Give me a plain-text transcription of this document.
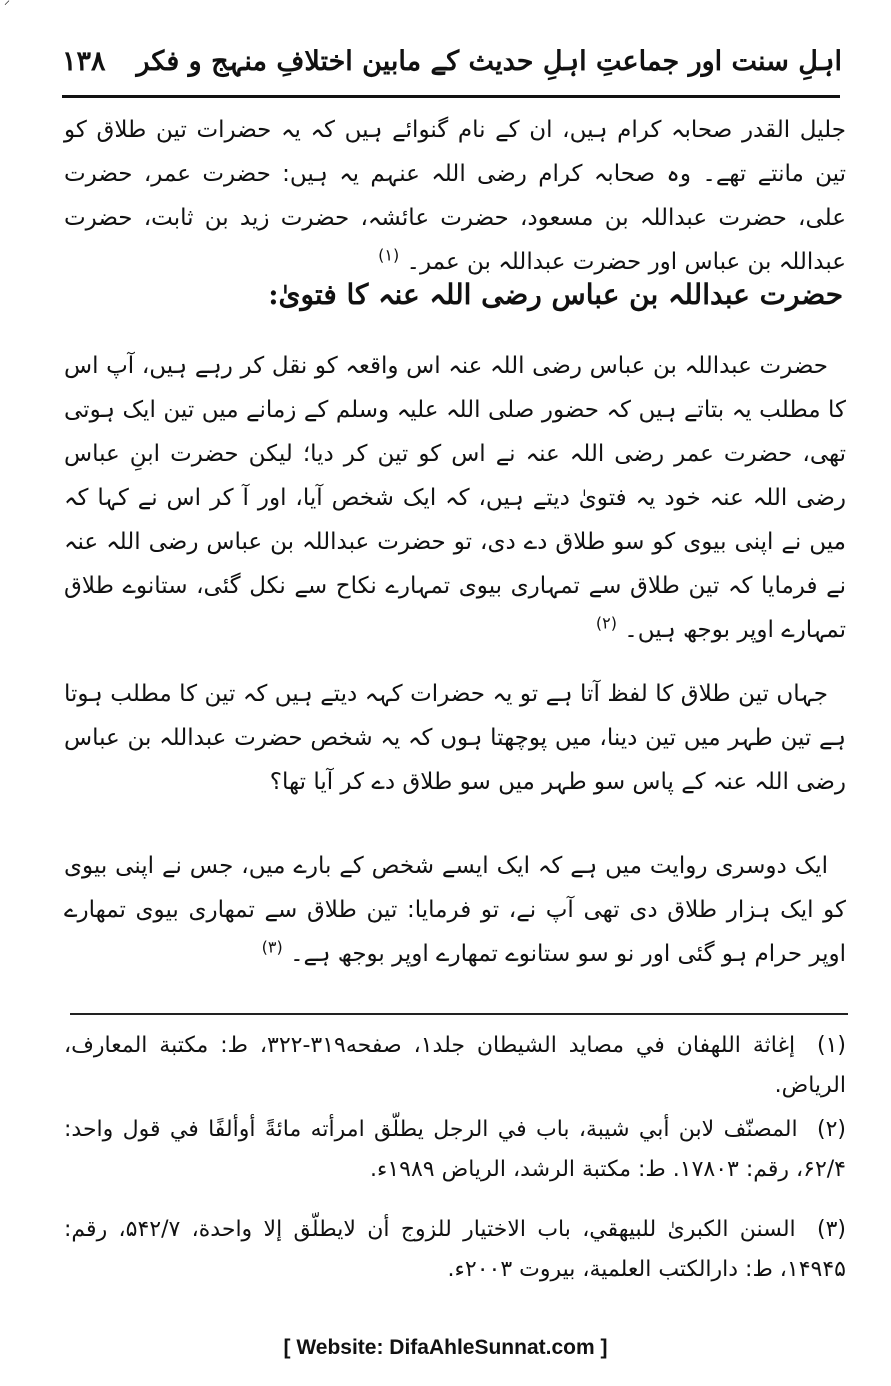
⸍
اہلِ سنت اور جماعتِ اہلِ حدیث کے مابین اختلافِ منہج و فکر
۱۳۸
جلیل القدر صحابہ کرام ہیں، ان کے نام گنوائے ہیں کہ یہ حضرات تین طلاق کو تین مانتے تھے۔ وہ صحابہ کرام رضی اللہ عنہم یہ ہیں: حضرت عمر، حضرت علی، حضرت عبداللہ بن مسعود، حضرت عائشہ، حضرت زید بن ثابت، حضرت عبداللہ بن عباس اور حضرت عبداللہ بن عمر۔ $^{(۱)}$
حضرت عبداللہ بن عباس رضی اللہ عنہ کا فتویٰ:
حضرت عبداللہ بن عباس رضی اللہ عنہ اس واقعہ کو نقل کر رہے ہیں، آپ اس کا مطلب یہ بتاتے ہیں کہ حضور صلی اللہ علیہ وسلم کے زمانے میں تین ایک ہوتی تھی، حضرت عمر رضی اللہ عنہ نے اس کو تین کر دیا؛ لیکن حضرت ابنِ عباس رضی اللہ عنہ خود یہ فتویٰ دیتے ہیں، کہ ایک شخص آیا، اور آ کر اس نے کہا کہ میں نے اپنی بیوی کو سو طلاق دے دی، تو حضرت عبداللہ بن عباس رضی اللہ عنہ نے فرمایا کہ تین طلاق سے تمہاری بیوی تمہارے نکاح سے نکل گئی، ستانوے طلاق تمہارے اوپر بوجھ ہیں۔ $^{(۲)}$
جہاں تین طلاق کا لفظ آتا ہے تو یہ حضرات کہہ دیتے ہیں کہ تین کا مطلب ہوتا ہے تین طہر میں تین دینا، میں پوچھتا ہوں کہ یہ شخص حضرت عبداللہ بن عباس رضی اللہ عنہ کے پاس سو طہر میں سو طلاق دے کر آیا تھا؟
ایک دوسری روایت میں ہے کہ ایک ایسے شخص کے بارے میں، جس نے اپنی بیوی کو ایک ہزار طلاق دی تھی آپ نے، تو فرمایا: تین طلاق سے تمھاری بیوی تمھارے اوپر حرام ہو گئی اور نو سو ستانوے تمھارے اوپر بوجھ ہے۔ $^{(۳)}$
(۱) إغاثة اللهفان في مصايد الشيطان جلد۱، صفحه۳۱۹-۳۲۲، ط: مكتبة المعارف، الرياض.
(۲) المصنّف لابن أبي شيبة، باب في الرجل يطلّق امرأته مائةً أوألفًا في قول واحد: ۶۲/۴، رقم: ۱۷۸۰۳. ط: مكتبة الرشد، الرياض ۱۹۸۹ء.
(۳) السنن الكبرىٰ للبيهقي، باب الاختيار للزوج أن لايطلّق إلا واحدة، ۵۴۲/۷، رقم: ۱۴۹۴۵، ط: دارالكتب العلمية، بيروت ۲۰۰۳ء.
[ Website: DifaAhleSunnat.com ]
